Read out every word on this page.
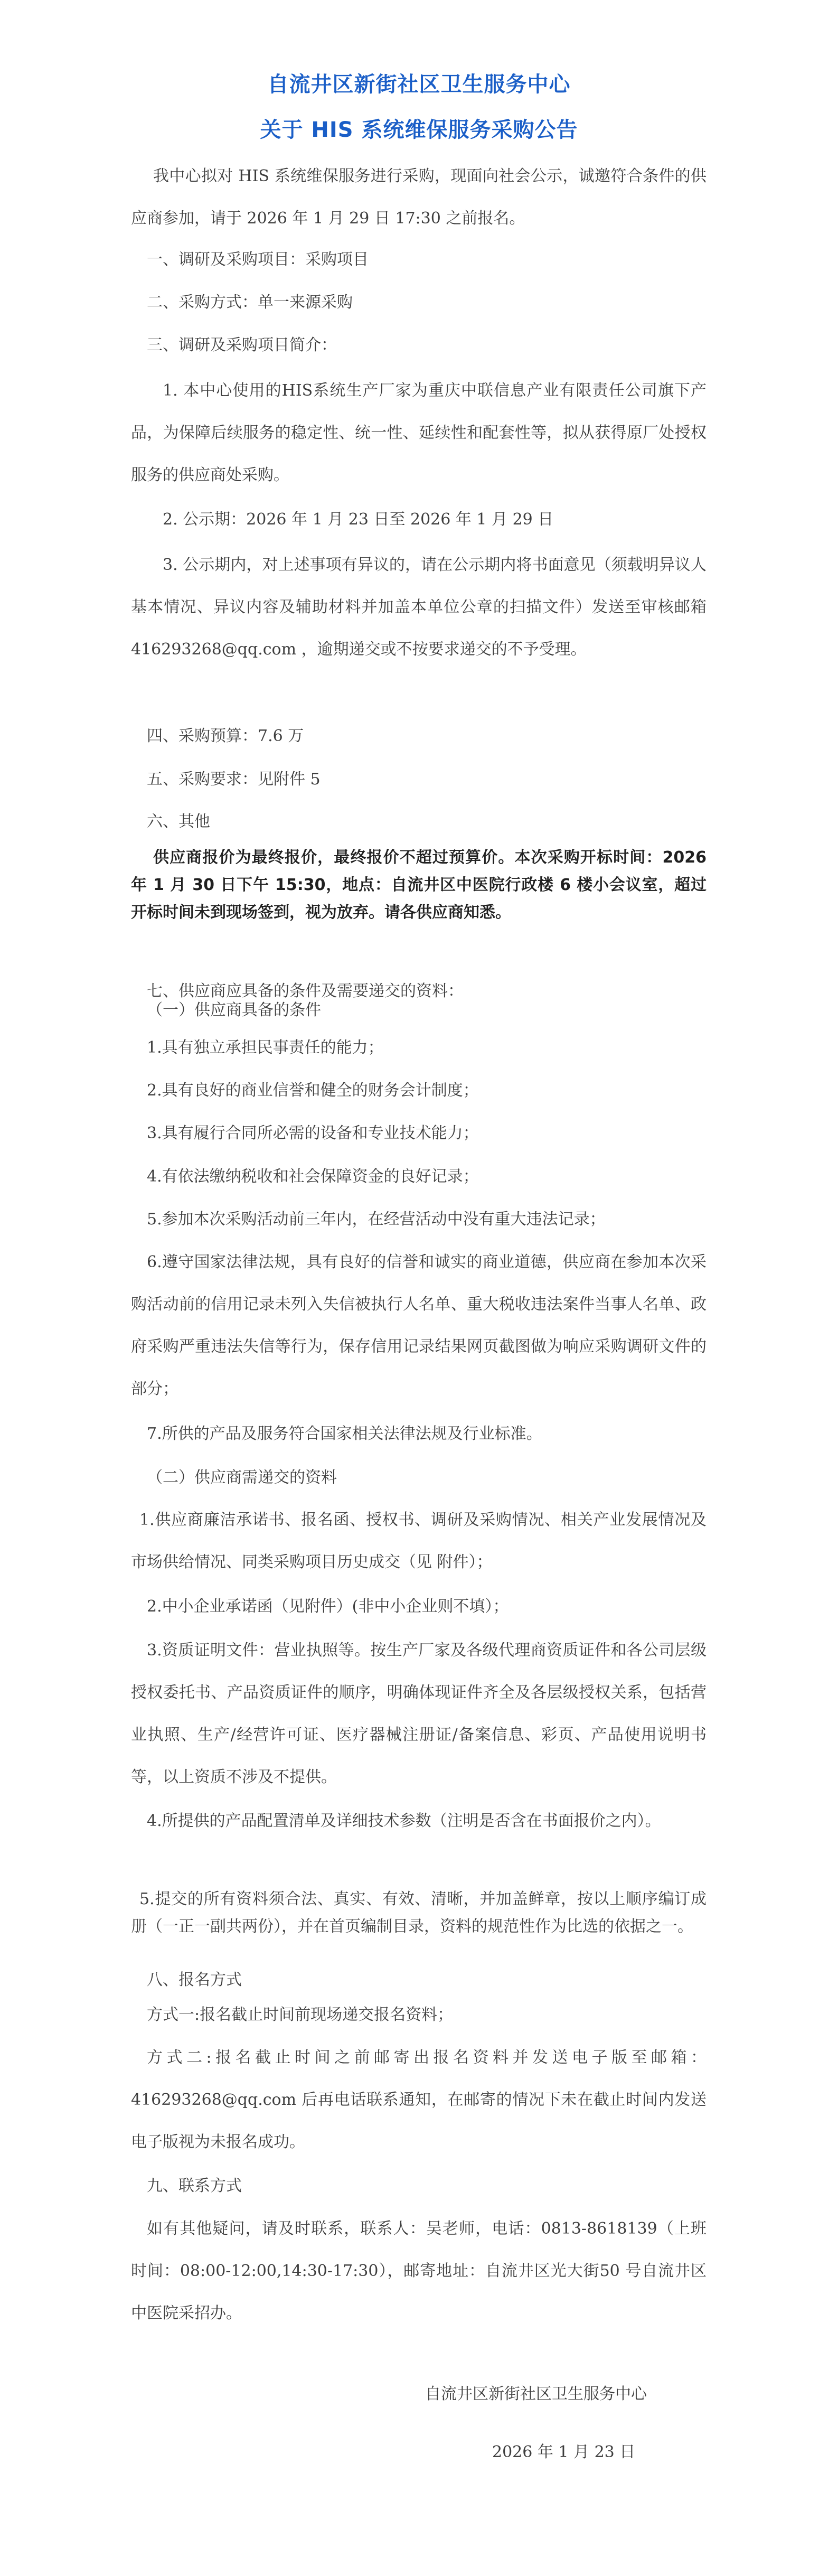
自流井区新街社区卫生服务中心
关于 HIS 系统维保服务采购公告
我中心拟对 HIS 系统维保服务进行采购，现面向社会公示，诚邀符合条件的供应商参加，请于 2026 年 1 月 29 日 17:30 之前报名。
一、调研及采购项目：采购项目
二、采购方式：单一来源采购
三、调研及采购项目简介：
1. 本中心使用的HIS系统生产厂家为重庆中联信息产业有限责任公司旗下产品，为保障后续服务的稳定性、统一性、延续性和配套性等，拟从获得原厂处授权服务的供应商处采购。
2. 公示期：2026 年 1 月 23 日至 2026 年 1 月 29 日
3. 公示期内，对上述事项有异议的，请在公示期内将书面意见（须载明异议人基本情况、异议内容及辅助材料并加盖本单位公章的扫描文件）发送至审核邮箱 416293268@qq.com ，逾期递交或不按要求递交的不予受理。
四、采购预算：7.6 万
五、采购要求：见附件 5
六、其他
供应商报价为最终报价，最终报价不超过预算价。本次采购开标时间：2026 年 1 月 30 日下午 15:30，地点：自流井区中医院行政楼 6 楼小会议室，超过开标时间未到现场签到，视为放弃。请各供应商知悉。
七、供应商应具备的条件及需要递交的资料：
（一）供应商具备的条件
1.具有独立承担民事责任的能力；
2.具有良好的商业信誉和健全的财务会计制度；
3.具有履行合同所必需的设备和专业技术能力；
4.有依法缴纳税收和社会保障资金的良好记录；
5.参加本次采购活动前三年内，在经营活动中没有重大违法记录；
6.遵守国家法律法规，具有良好的信誉和诚实的商业道德，供应商在参加本次采购活动前的信用记录未列入失信被执行人名单、重大税收违法案件当事人名单、政府采购严重违法失信等行为，保存信用记录结果网页截图做为响应采购调研文件的部分；
7.所供的产品及服务符合国家相关法律法规及行业标准。
（二）供应商需递交的资料
1.供应商廉洁承诺书、报名函、授权书、调研及采购情况、相关产业发展情况及市场供给情况、同类采购项目历史成交（见 附件）；
2.中小企业承诺函（见附件）(非中小企业则不填）；
3.资质证明文件：营业执照等。按生产厂家及各级代理商资质证件和各公司层级授权委托书、产品资质证件的顺序，明确体现证件齐全及各层级授权关系，包括营业执照、生产/经营许可证、医疗器械注册证/备案信息、彩页、产品使用说明书等，以上资质不涉及不提供。
4.所提供的产品配置清单及详细技术参数（注明是否含在书面报价之内）。
5.提交的所有资料须合法、真实、有效、清晰，并加盖鲜章，按以上顺序编订成册（一正一副共两份），并在首页编制目录，资料的规范性作为比选的依据之一。
八、报名方式
方式一:报名截止时间前现场递交报名资料；
方式二:报名截止时间之前邮寄出报名资料并发送电子版至邮箱：416293268@qq.com 后再电话联系通知，在邮寄的情况下未在截止时间内发送电子版视为未报名成功。
九、联系方式
如有其他疑问，请及时联系，联系人：吴老师，电话：0813-8618139（上班时间：08:00-12:00,14:30-17:30），邮寄地址：自流井区光大街50 号自流井区中医院采招办。
自流井区新街社区卫生服务中心
2026 年 1 月 23 日
